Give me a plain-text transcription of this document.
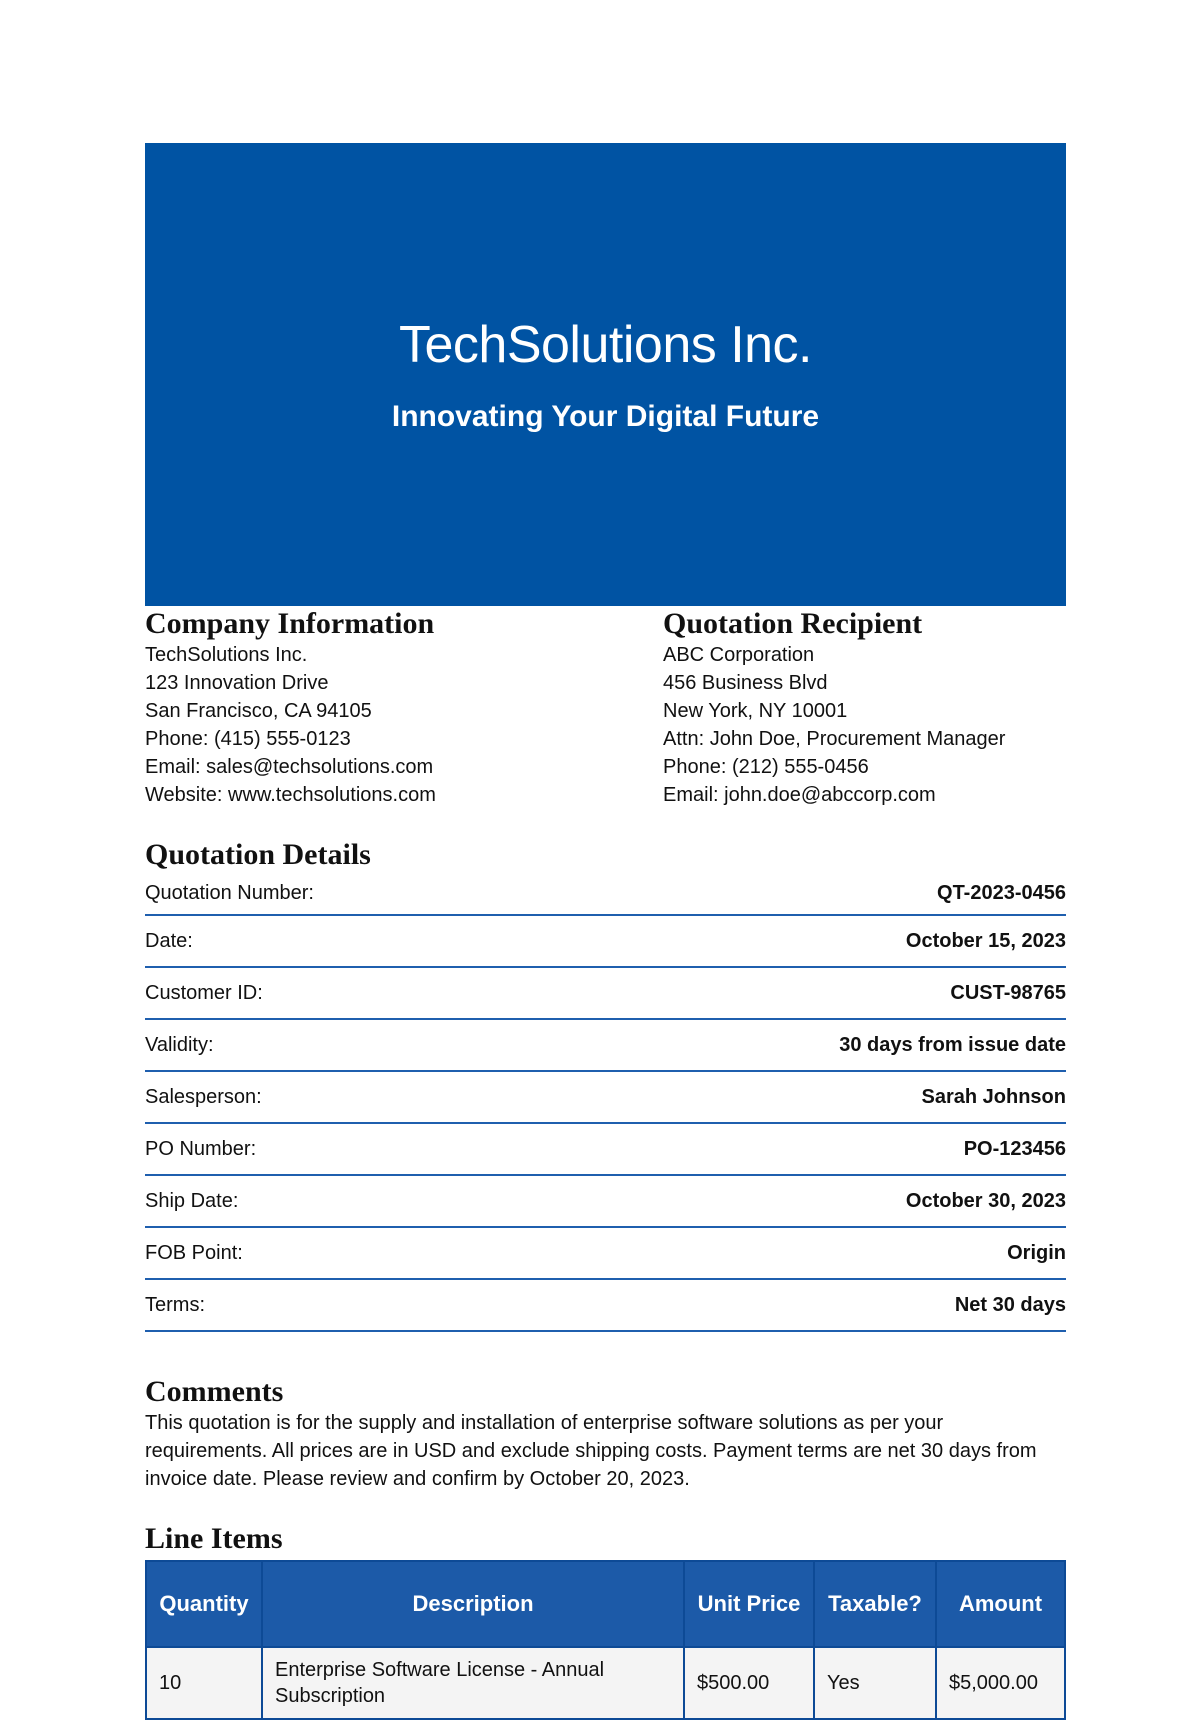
TechSolutions Inc.
Innovating Your Digital Future
Company Information
TechSolutions Inc.
123 Innovation Drive
San Francisco, CA 94105
Phone: (415) 555-0123
Email: sales@techsolutions.com
Website: www.techsolutions.com
Quotation Recipient
ABC Corporation
456 Business Blvd
New York, NY 10001
Attn: John Doe, Procurement Manager
Phone: (212) 555-0456
Email: john.doe@abccorp.com
Quotation Details
Quotation Number:	QT-2023-0456
Date:	October 15, 2023
Customer ID:	CUST-98765
Validity:	30 days from issue date
Salesperson:	Sarah Johnson
PO Number:	PO-123456
Ship Date:	October 30, 2023
FOB Point:	Origin
Terms:	Net 30 days
Comments

This quotation is for the supply and installation of enterprise software solutions as per your requirements. All prices are in USD and exclude shipping costs. Payment terms are net 30 days from invoice date. Please review and confirm by October 20, 2023.

Line Items
Quantity	Description	Unit Price	Taxable?	Amount
10	Enterprise Software License - Annual Subscription	$500.00	Yes	$5,000.00
